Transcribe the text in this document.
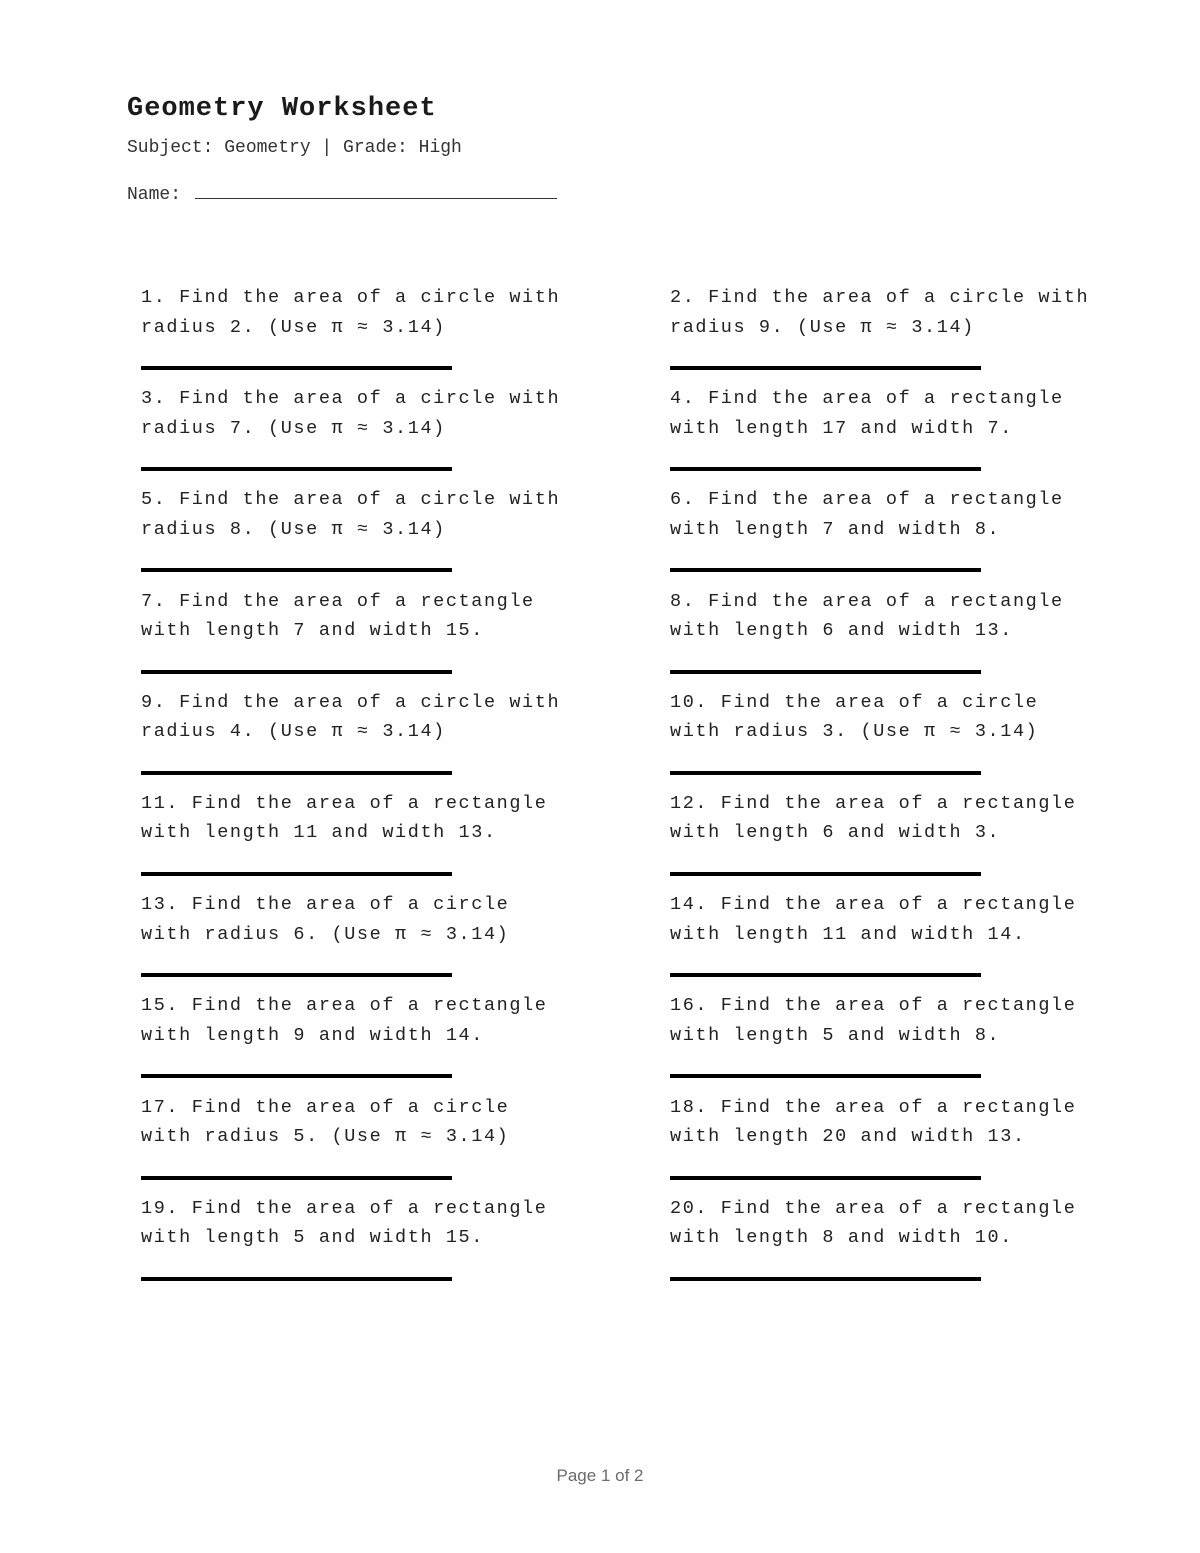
Geometry Worksheet
Subject: Geometry | Grade: High
Name:
1. Find the area of a circle with radius 2. (Use π ≈ 3.14)
2. Find the area of a circle with radius 9. (Use π ≈ 3.14)
3. Find the area of a circle with radius 7. (Use π ≈ 3.14)
4. Find the area of a rectangle with length 17 and width 7.
5. Find the area of a circle with radius 8. (Use π ≈ 3.14)
6. Find the area of a rectangle with length 7 and width 8.
7. Find the area of a rectangle with length 7 and width 15.
8. Find the area of a rectangle with length 6 and width 13.
9. Find the area of a circle with radius 4. (Use π ≈ 3.14)
10. Find the area of a circle with radius 3. (Use π ≈ 3.14)
11. Find the area of a rectangle with length 11 and width 13.
12. Find the area of a rectangle with length 6 and width 3.
13. Find the area of a circle with radius 6. (Use π ≈ 3.14)
14. Find the area of a rectangle with length 11 and width 14.
15. Find the area of a rectangle with length 9 and width 14.
16. Find the area of a rectangle with length 5 and width 8.
17. Find the area of a circle with radius 5. (Use π ≈ 3.14)
18. Find the area of a rectangle with length 20 and width 13.
19. Find the area of a rectangle with length 5 and width 15.
20. Find the area of a rectangle with length 8 and width 10.
Page 1 of 2
